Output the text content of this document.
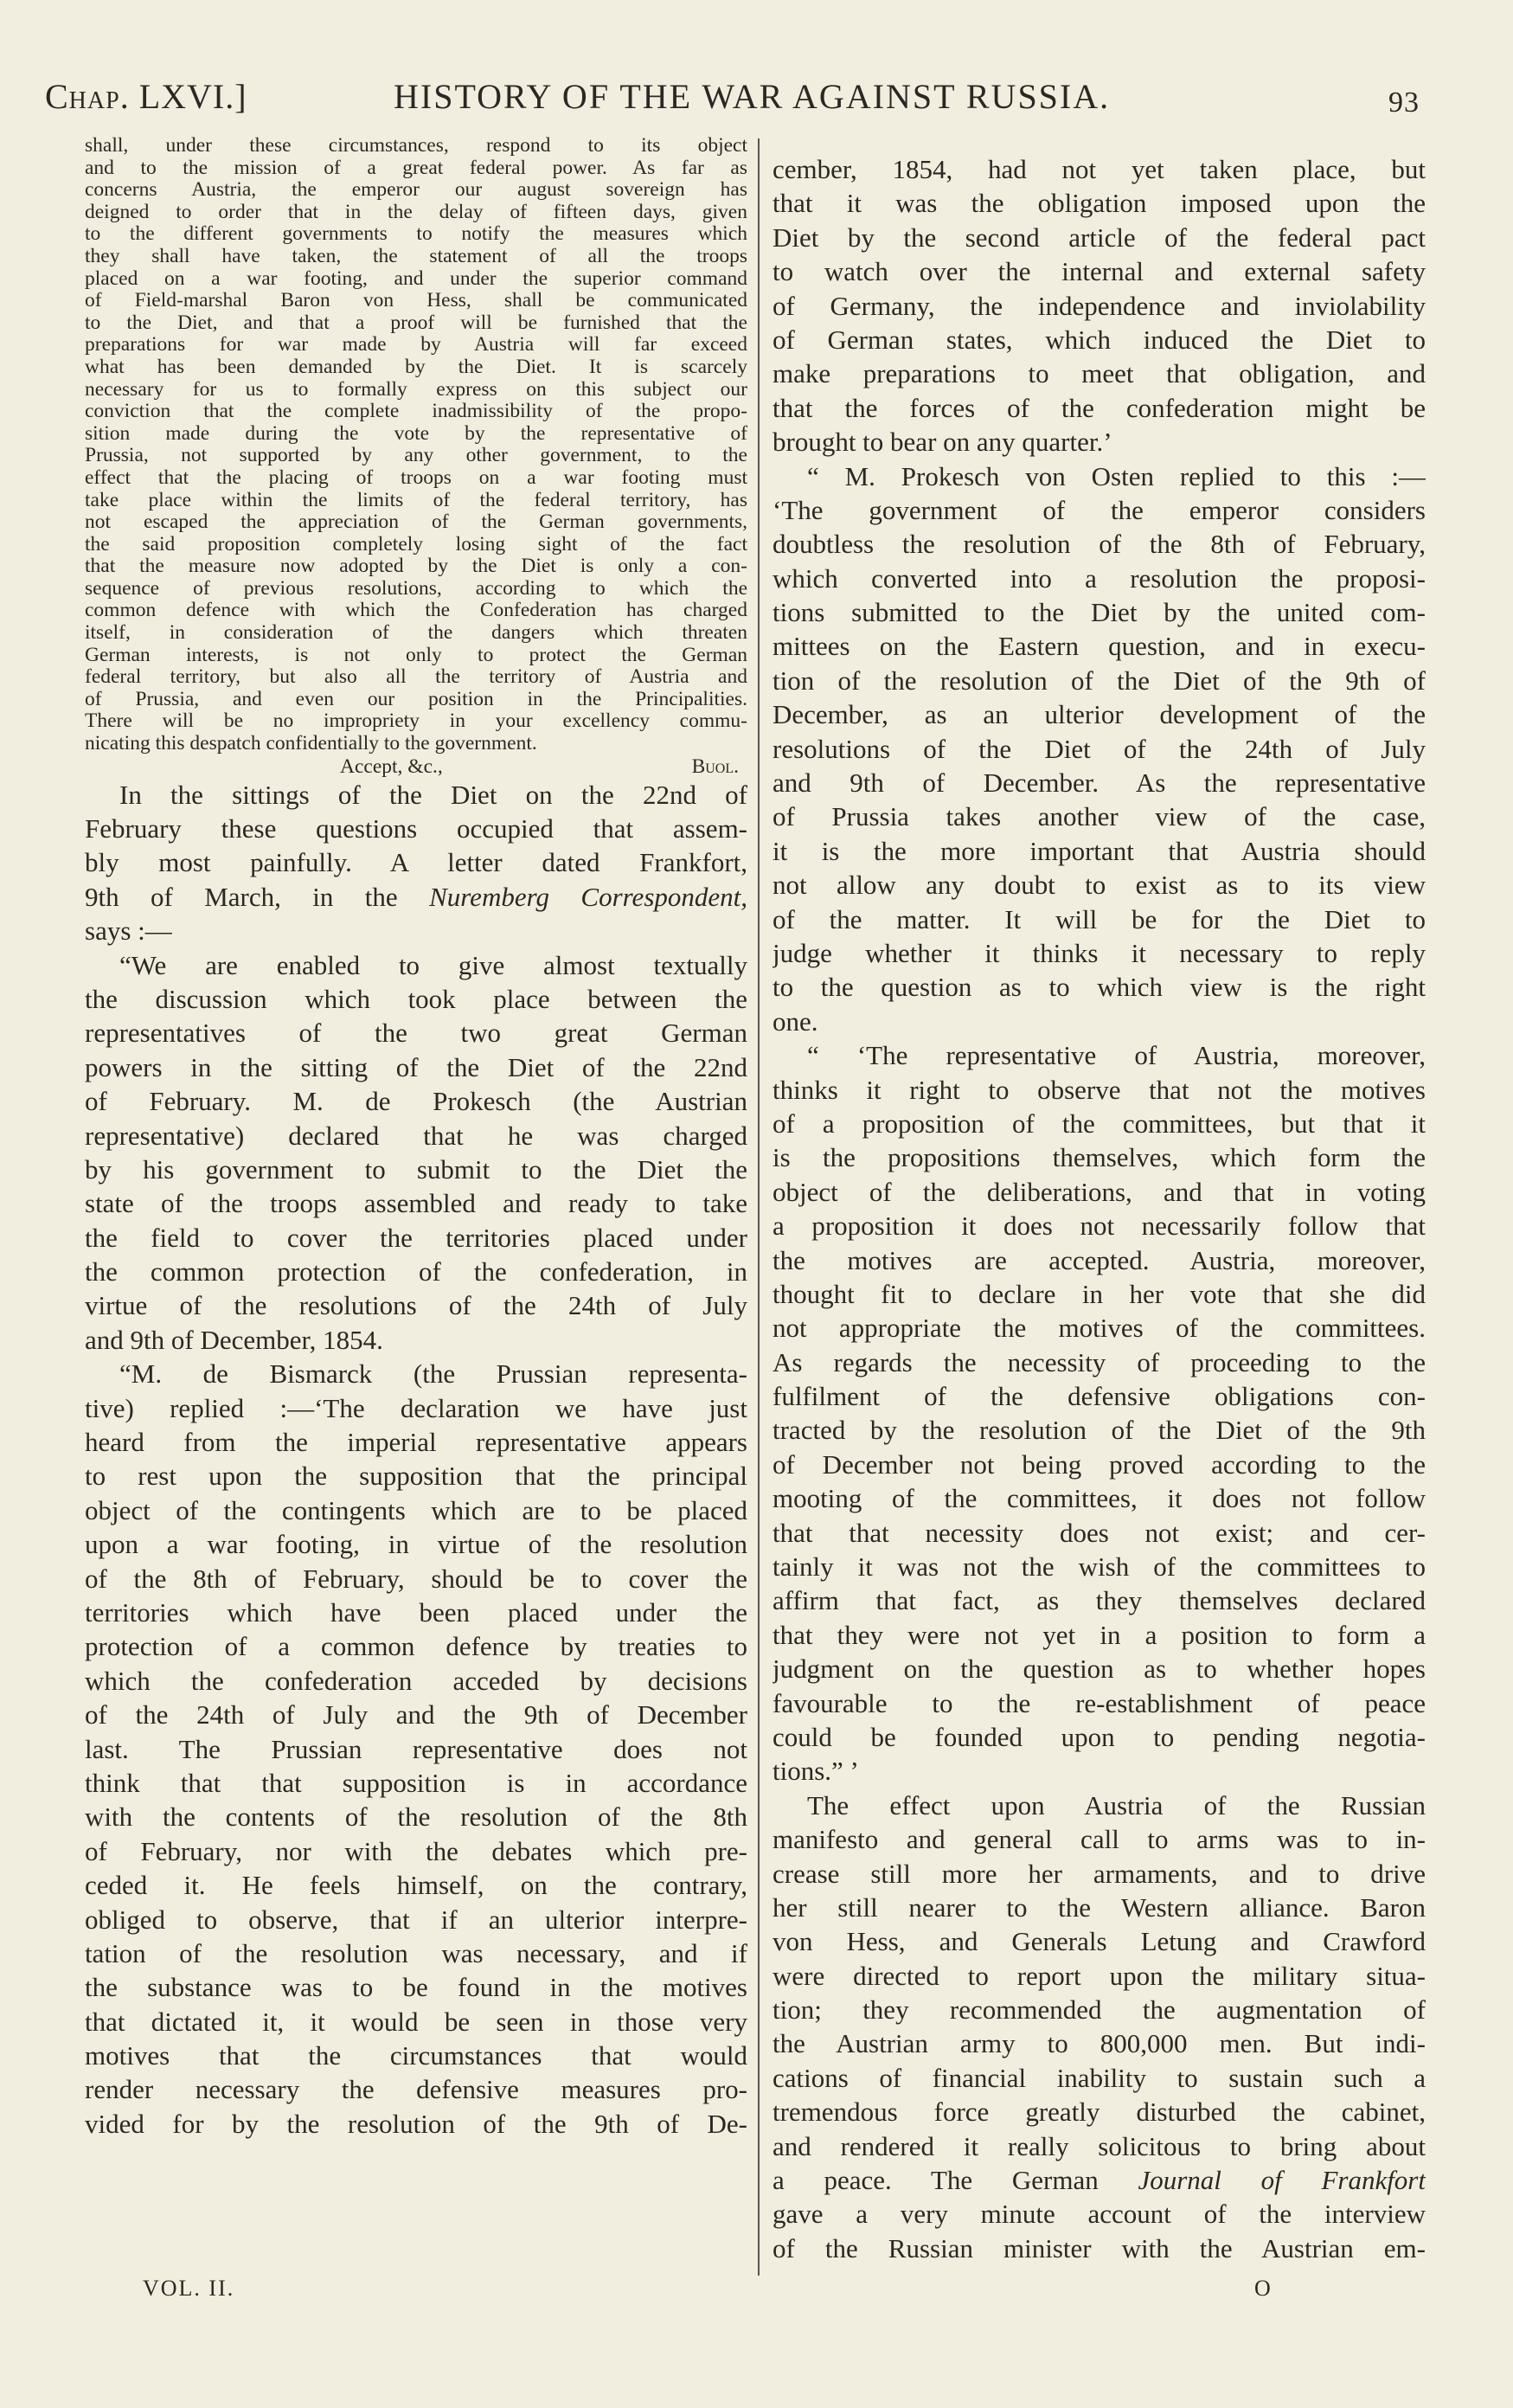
Chap. LXVI.]	HISTORY OF THE WAR AGAINST RUSSIA.	93
shall, under these circumstances, respond to its object
and to the mission of a great federal power. As far as
concerns Austria, the emperor our august sovereign has
deigned to order that in the delay of fifteen days, given
to the different governments to notify the measures which
they shall have taken, the statement of all the troops
placed on a war footing, and under the superior command
of Field-marshal Baron von Hess, shall be communicated
to the Diet, and that a proof will be furnished that the
preparations for war made by Austria will far exceed
what has been demanded by the Diet. It is scarcely
necessary for us to formally express on this subject our
conviction that the complete inadmissibility of the propo-
sition made during the vote by the representative of
Prussia, not supported by any other government, to the
effect that the placing of troops on a war footing must
take place within the limits of the federal territory, has
not escaped the appreciation of the German governments,
the said proposition completely losing sight of the fact
that the measure now adopted by the Diet is only a con-
sequence of previous resolutions, according to which the
common defence with which the Confederation has charged
itself, in consideration of the dangers which threaten
German interests, is not only to protect the German
federal territory, but also all the territory of Austria and
of Prussia, and even our position in the Principalities.
There will be no impropriety in your excellency commu-
nicating this despatch confidentially to the government.
Accept, &c.,	Buol.
In the sittings of the Diet on the 22nd of
February these questions occupied that assem-
bly most painfully. A letter dated Frankfort,
9th of March, in the Nuremberg Correspondent,
says :—
“We are enabled to give almost textually
the discussion which took place between the
representatives of the two great German
powers in the sitting of the Diet of the 22nd
of February. M. de Prokesch (the Austrian
representative) declared that he was charged
by his government to submit to the Diet the
state of the troops assembled and ready to take
the field to cover the territories placed under
the common protection of the confederation, in
virtue of the resolutions of the 24th of July
and 9th of December, 1854.
“M. de Bismarck (the Prussian representa-
tive) replied :—‘The declaration we have just
heard from the imperial representative appears
to rest upon the supposition that the principal
object of the contingents which are to be placed
upon a war footing, in virtue of the resolution
of the 8th of February, should be to cover the
territories which have been placed under the
protection of a common defence by treaties to
which the confederation acceded by decisions
of the 24th of July and the 9th of December
last. The Prussian representative does not
think that that supposition is in accordance
with the contents of the resolution of the 8th
of February, nor with the debates which pre-
ceded it. He feels himself, on the contrary,
obliged to observe, that if an ulterior interpre-
tation of the resolution was necessary, and if
the substance was to be found in the motives
that dictated it, it would be seen in those very
motives that the circumstances that would
render necessary the defensive measures pro-
vided for by the resolution of the 9th of De-
cember, 1854, had not yet taken place, but
that it was the obligation imposed upon the
Diet by the second article of the federal pact
to watch over the internal and external safety
of Germany, the independence and inviolability
of German states, which induced the Diet to
make preparations to meet that obligation, and
that the forces of the confederation might be
brought to bear on any quarter.’
“ M. Prokesch von Osten replied to this :—
‘The government of the emperor considers
doubtless the resolution of the 8th of February,
which converted into a resolution the proposi-
tions submitted to the Diet by the united com-
mittees on the Eastern question, and in execu-
tion of the resolution of the Diet of the 9th of
December, as an ulterior development of the
resolutions of the Diet of the 24th of July
and 9th of December. As the representative
of Prussia takes another view of the case,
it is the more important that Austria should
not allow any doubt to exist as to its view
of the matter. It will be for the Diet to
judge whether it thinks it necessary to reply
to the question as to which view is the right
one.
“ ‘The representative of Austria, moreover,
thinks it right to observe that not the motives
of a proposition of the committees, but that it
is the propositions themselves, which form the
object of the deliberations, and that in voting
a proposition it does not necessarily follow that
the motives are accepted. Austria, moreover,
thought fit to declare in her vote that she did
not appropriate the motives of the committees.
As regards the necessity of proceeding to the
fulfilment of the defensive obligations con-
tracted by the resolution of the Diet of the 9th
of December not being proved according to the
mooting of the committees, it does not follow
that that necessity does not exist; and cer-
tainly it was not the wish of the committees to
affirm that fact, as they themselves declared
that they were not yet in a position to form a
judgment on the question as to whether hopes
favourable to the re-establishment of peace
could be founded upon to pending negotia-
tions.” ’
The effect upon Austria of the Russian
manifesto and general call to arms was to in-
crease still more her armaments, and to drive
her still nearer to the Western alliance. Baron
von Hess, and Generals Letung and Crawford
were directed to report upon the military situa-
tion; they recommended the augmentation of
the Austrian army to 800,000 men. But indi-
cations of financial inability to sustain such a
tremendous force greatly disturbed the cabinet,
and rendered it really solicitous to bring about
a peace. The German Journal of Frankfort
gave a very minute account of the interview
of the Russian minister with the Austrian em-
VOL. II.	O
